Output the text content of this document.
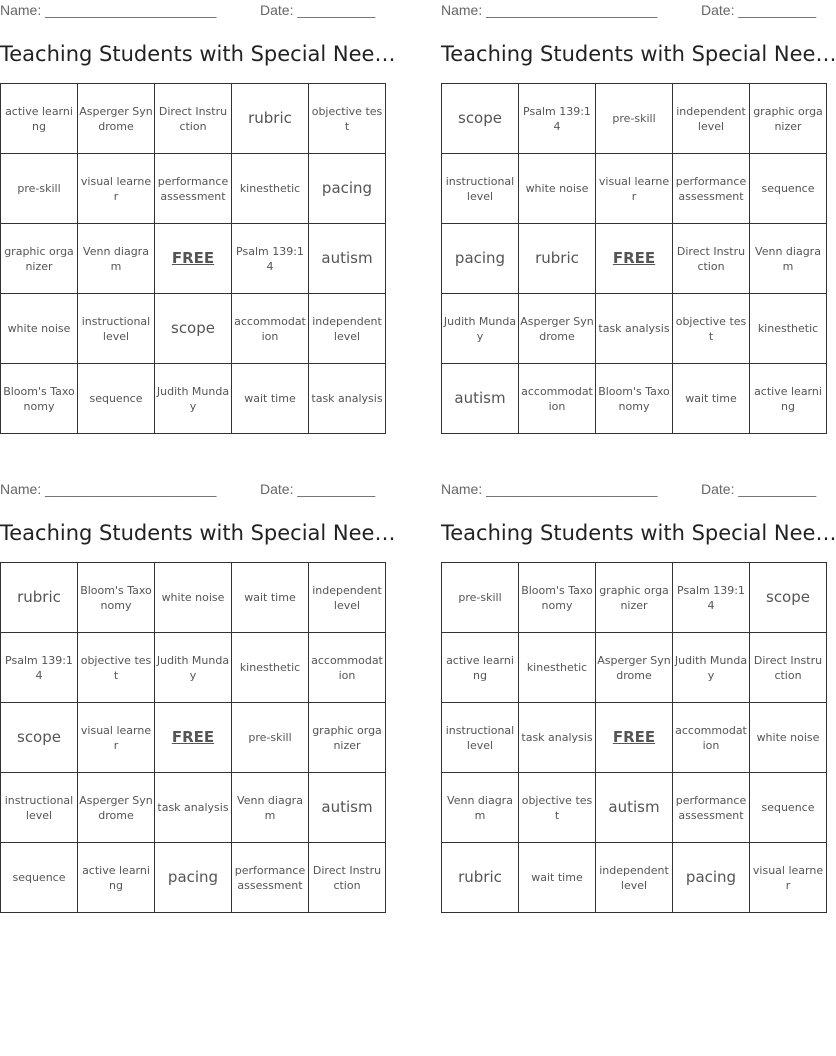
Name: ______________________	Date: __________
Teaching Students with Special Nee…
active learning	Asperger Syndrome	Direct Instruction	rubric	objective test
pre-skill	visual learner	performance assessment	kinesthetic	pacing
graphic organizer	Venn diagram	FREE	Psalm 139:14	autism
white noise	instructional level	scope	accommodation	independent level
Bloom's Taxonomy	sequence	Judith Munday	wait time	task analysis
Name: ______________________	Date: __________
Teaching Students with Special Nee…
scope	Psalm 139:14	pre-skill	independent level	graphic organizer
instructional level	white noise	visual learner	performance assessment	sequence
pacing	rubric	FREE	Direct Instruction	Venn diagram
Judith Munday	Asperger Syndrome	task analysis	objective test	kinesthetic
autism	accommodation	Bloom's Taxonomy	wait time	active learning
Name: ______________________	Date: __________
Teaching Students with Special Nee…
rubric	Bloom's Taxonomy	white noise	wait time	independent level
Psalm 139:14	objective test	Judith Munday	kinesthetic	accommodation
scope	visual learner	FREE	pre-skill	graphic organizer
instructional level	Asperger Syndrome	task analysis	Venn diagram	autism
sequence	active learning	pacing	performance assessment	Direct Instruction
Name: ______________________	Date: __________
Teaching Students with Special Nee…
pre-skill	Bloom's Taxonomy	graphic organizer	Psalm 139:14	scope
active learning	kinesthetic	Asperger Syndrome	Judith Munday	Direct Instruction
instructional level	task analysis	FREE	accommodation	white noise
Venn diagram	objective test	autism	performance assessment	sequence
rubric	wait time	independent level	pacing	visual learner
